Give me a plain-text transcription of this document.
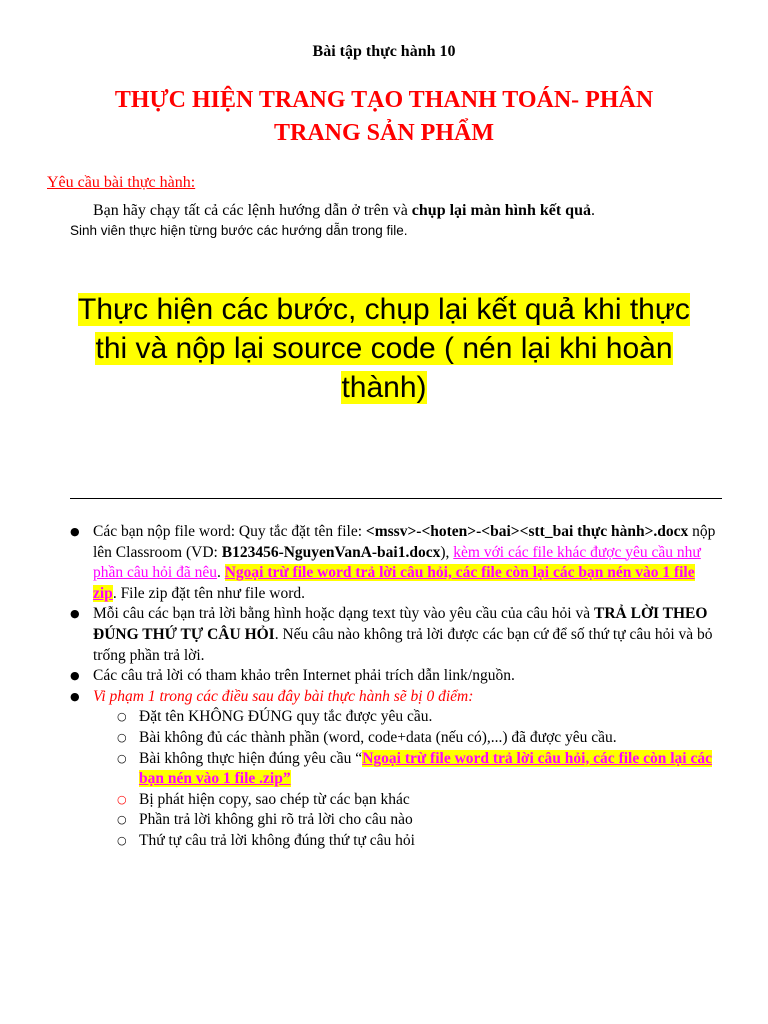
Bài tập thực hành 10
THỰC HIỆN TRANG TẠO THANH TOÁN- PHÂN
TRANG SẢN PHẨM
Yêu cầu bài thực hành:
Bạn hãy chạy tất cả các lệnh hướng dẫn ở trên và chụp lại màn hình kết quả.
Sinh viên thực hiện từng bước các hướng dẫn trong file.
Thực hiện các bước, chụp lại kết quả khi thực
thi và nộp lại source code ( nén lại khi hoàn
thành)
● Các bạn nộp file word: Quy tắc đặt tên file: <mssv>-<hoten>-<bai><stt_bai thực hành>.docx nộp lên Classroom (VD: B123456-NguyenVanA-bai1.docx), kèm với các file khác được yêu cầu như phần câu hỏi đã nêu. Ngoại trừ file word trả lời câu hỏi, các file còn lại các bạn nén vào 1 file zip. File zip đặt tên như file word.
● Mỗi câu các bạn trả lời bằng hình hoặc dạng text tùy vào yêu cầu của câu hỏi và TRẢ LỜI THEO ĐÚNG THỨ TỰ CÂU HỎI. Nếu câu nào không trả lời được các bạn cứ để số thứ tự câu hỏi và bỏ trống phần trả lời.
● Các câu trả lời có tham khảo trên Internet phải trích dẫn link/nguồn.
● Vi phạm 1 trong các điều sau đây bài thực hành sẽ bị 0 điểm:
○ Đặt tên KHÔNG ĐÚNG quy tắc được yêu cầu.
○ Bài không đủ các thành phần (word, code+data (nếu có),...) đã được yêu cầu.
○ Bài không thực hiện đúng yêu cầu “Ngoại trừ file word trả lời câu hỏi, các file còn lại các bạn nén vào 1 file .zip”
○ Bị phát hiện copy, sao chép từ các bạn khác
○ Phần trả lời không ghi rõ trả lời cho câu nào
○ Thứ tự câu trả lời không đúng thứ tự câu hỏi
